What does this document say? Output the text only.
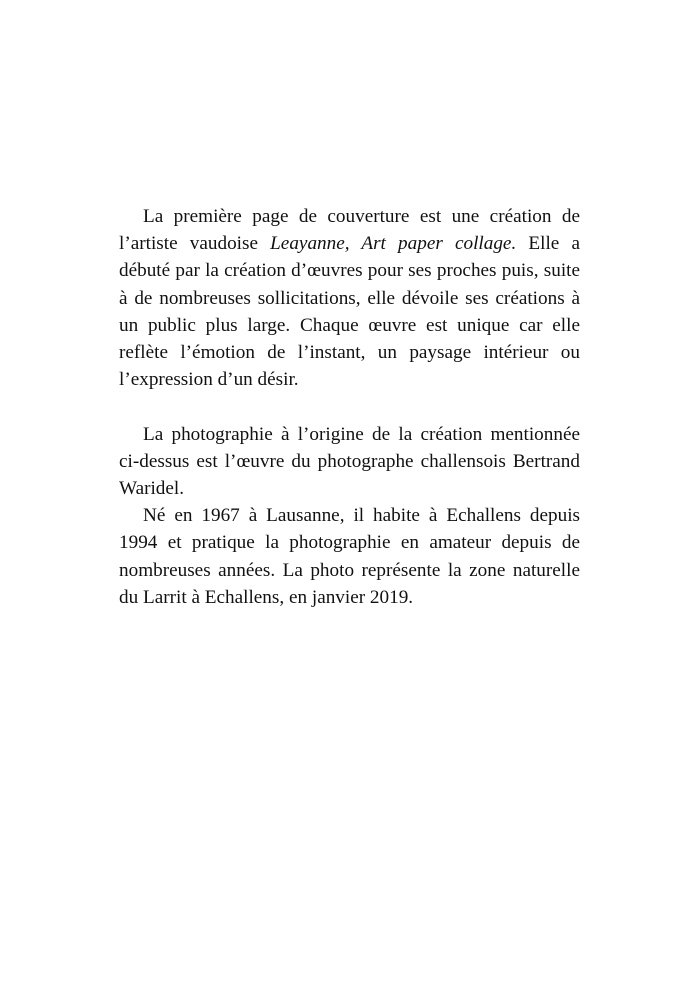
La première page de couverture est une création de l’artiste vaudoise Leayanne, Art paper collage. Elle a débuté par la création d’œuvres pour ses proches puis, suite à de nombreuses sollicitations, elle dévoile ses créations à un public plus large. Chaque œuvre est unique car elle reflète l’émotion de l’instant, un paysage intérieur ou l’expression d’un désir.

La photographie à l’origine de la création mentionnée ci-dessus est l’œuvre du photographe challensois Bertrand Waridel.

Né en 1967 à Lausanne, il habite à Echallens depuis 1994 et pratique la photographie en amateur depuis de nombreuses années. La photo représente la zone naturelle du Larrit à Echallens, en janvier 2019.
